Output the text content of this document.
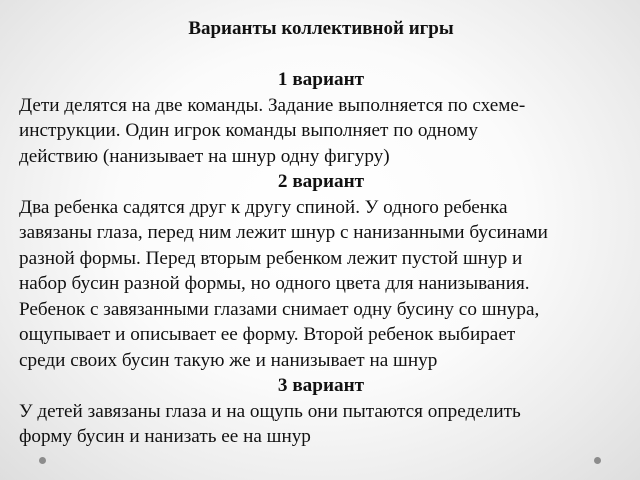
Варианты коллективной игры

1 вариант

Дети делятся на две команды. Задание выполняется по схеме-
инструкции. Один игрок команды выполняет по одному
действию (нанизывает на шнур одну фигуру)

2 вариант

Два ребенка садятся друг к другу спиной. У одного ребенка
завязаны глаза, перед ним лежит шнур с нанизанными бусинами
разной формы. Перед вторым ребенком лежит пустой шнур и
набор бусин разной формы, но одного цвета для нанизывания.
Ребенок с завязанными глазами снимает одну бусину со шнура,
ощупывает и описывает ее форму. Второй ребенок выбирает
среди своих бусин такую же и нанизывает на шнур

3 вариант

У детей завязаны глаза и на ощупь они пытаются определить
форму бусин и нанизать ее на шнур
